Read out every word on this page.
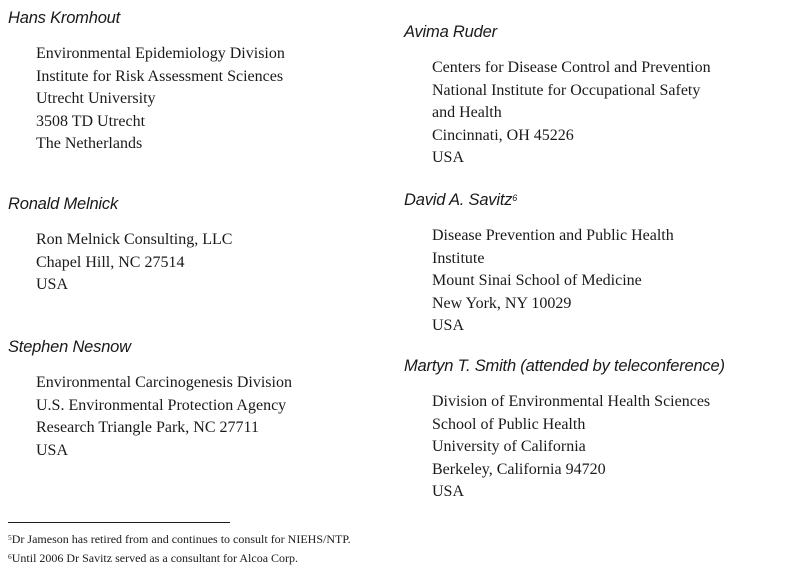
Hans Kromhout
Environmental Epidemiology Division
Institute for Risk Assessment Sciences
Utrecht University
3508 TD Utrecht
The Netherlands
Ronald Melnick
Ron Melnick Consulting, LLC
Chapel Hill, NC 27514
USA
Stephen Nesnow
Environmental Carcinogenesis Division
U.S. Environmental Protection Agency
Research Triangle Park, NC 27711
USA
Avima Ruder
Centers for Disease Control and Prevention
National Institute for Occupational Safety
and Health
Cincinnati, OH 45226
USA
David A. Savitz$^6$
Disease Prevention and Public Health
Institute
Mount Sinai School of Medicine
New York, NY 10029
USA
Martyn T. Smith (attended by teleconference)
Division of Environmental Health Sciences
School of Public Health
University of California
Berkeley, California 94720
USA
$^5$Dr Jameson has retired from and continues to consult for NIEHS/NTP.
$^6$Until 2006 Dr Savitz served as a consultant for Alcoa Corp.
